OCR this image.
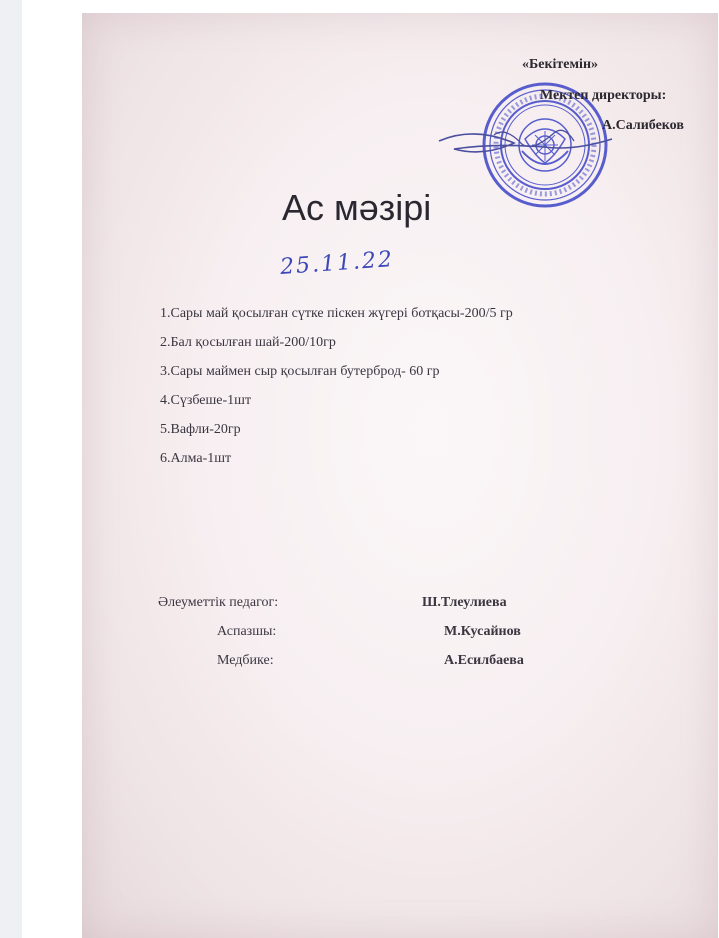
«Бекітемін»
Мектеп директоры:
А.Салибеков
Ас мәзірі
25.11.22
1.Сары май қосылған сүтке піскен жүгері ботқасы-200/5 гр
2.Бал қосылған шай-200/10гр
3.Сары маймен сыр қосылған бутерброд- 60 гр
4.Сүзбеше-1шт
5.Вафли-20гр
6.Алма-1шт
Әлеуметтік педагог:	Ш.Тлеулиева
Аспазшы:	М.Кусайнов
Медбике:	А.Есилбаева
